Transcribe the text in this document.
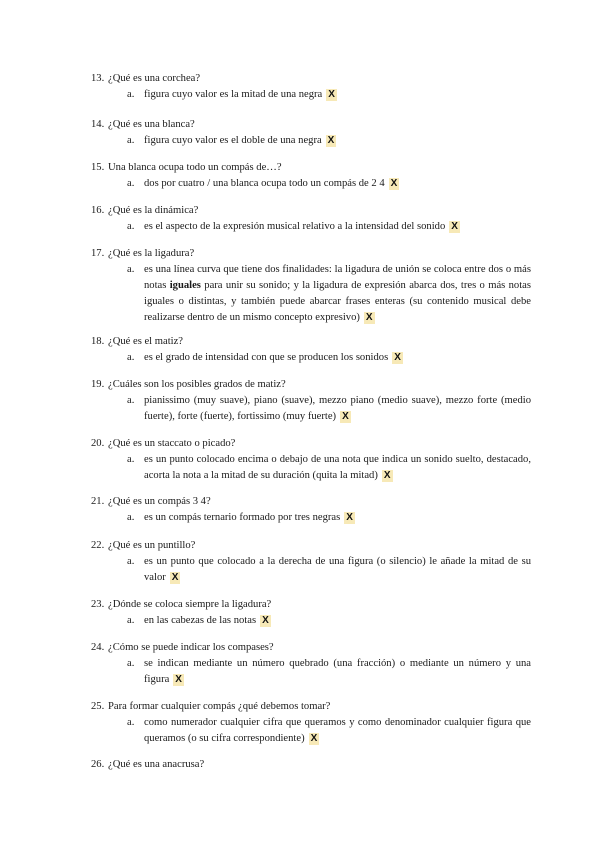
13. ¿Qué es una corchea?
a. figura cuyo valor es la mitad de una negra X
14. ¿Qué es una blanca?
a. figura cuyo valor es el doble de una negra X
15. Una blanca ocupa todo un compás de…?
a. dos por cuatro / una blanca ocupa todo un compás de 2 4 X
16. ¿Qué es la dinámica?
a. es el aspecto de la expresión musical relativo a la intensidad del sonido X
17. ¿Qué es la ligadura?
a. es una línea curva que tiene dos finalidades: la ligadura de unión se coloca entre dos o más notas iguales para unir su sonido; y la ligadura de expresión abarca dos, tres o más notas iguales o distintas, y también puede abarcar frases enteras (su contenido musical debe realizarse dentro de un mismo concepto expresivo) X
18. ¿Qué es el matiz?
a. es el grado de intensidad con que se producen los sonidos X
19. ¿Cuáles son los posibles grados de matiz?
a. pianissimo (muy suave), piano (suave), mezzo piano (medio suave), mezzo forte (medio fuerte), forte (fuerte), fortissimo (muy fuerte) X
20. ¿Qué es un staccato o picado?
a. es un punto colocado encima o debajo de una nota que indica un sonido suelto, destacado, acorta la nota a la mitad de su duración (quita la mitad) X
21. ¿Qué es un compás 3 4?
a. es un compás ternario formado por tres negras X
22. ¿Qué es un puntillo?
a. es un punto que colocado a la derecha de una figura (o silencio) le añade la mitad de su valor X
23. ¿Dónde se coloca siempre la ligadura?
a. en las cabezas de las notas X
24. ¿Cómo se puede indicar los compases?
a. se indican mediante un número quebrado (una fracción) o mediante un número y una figura X
25. Para formar cualquier compás ¿qué debemos tomar?
a. como numerador cualquier cifra que queramos y como denominador cualquier figura que queramos (o su cifra correspondiente) X
26. ¿Qué es una anacrusa?
